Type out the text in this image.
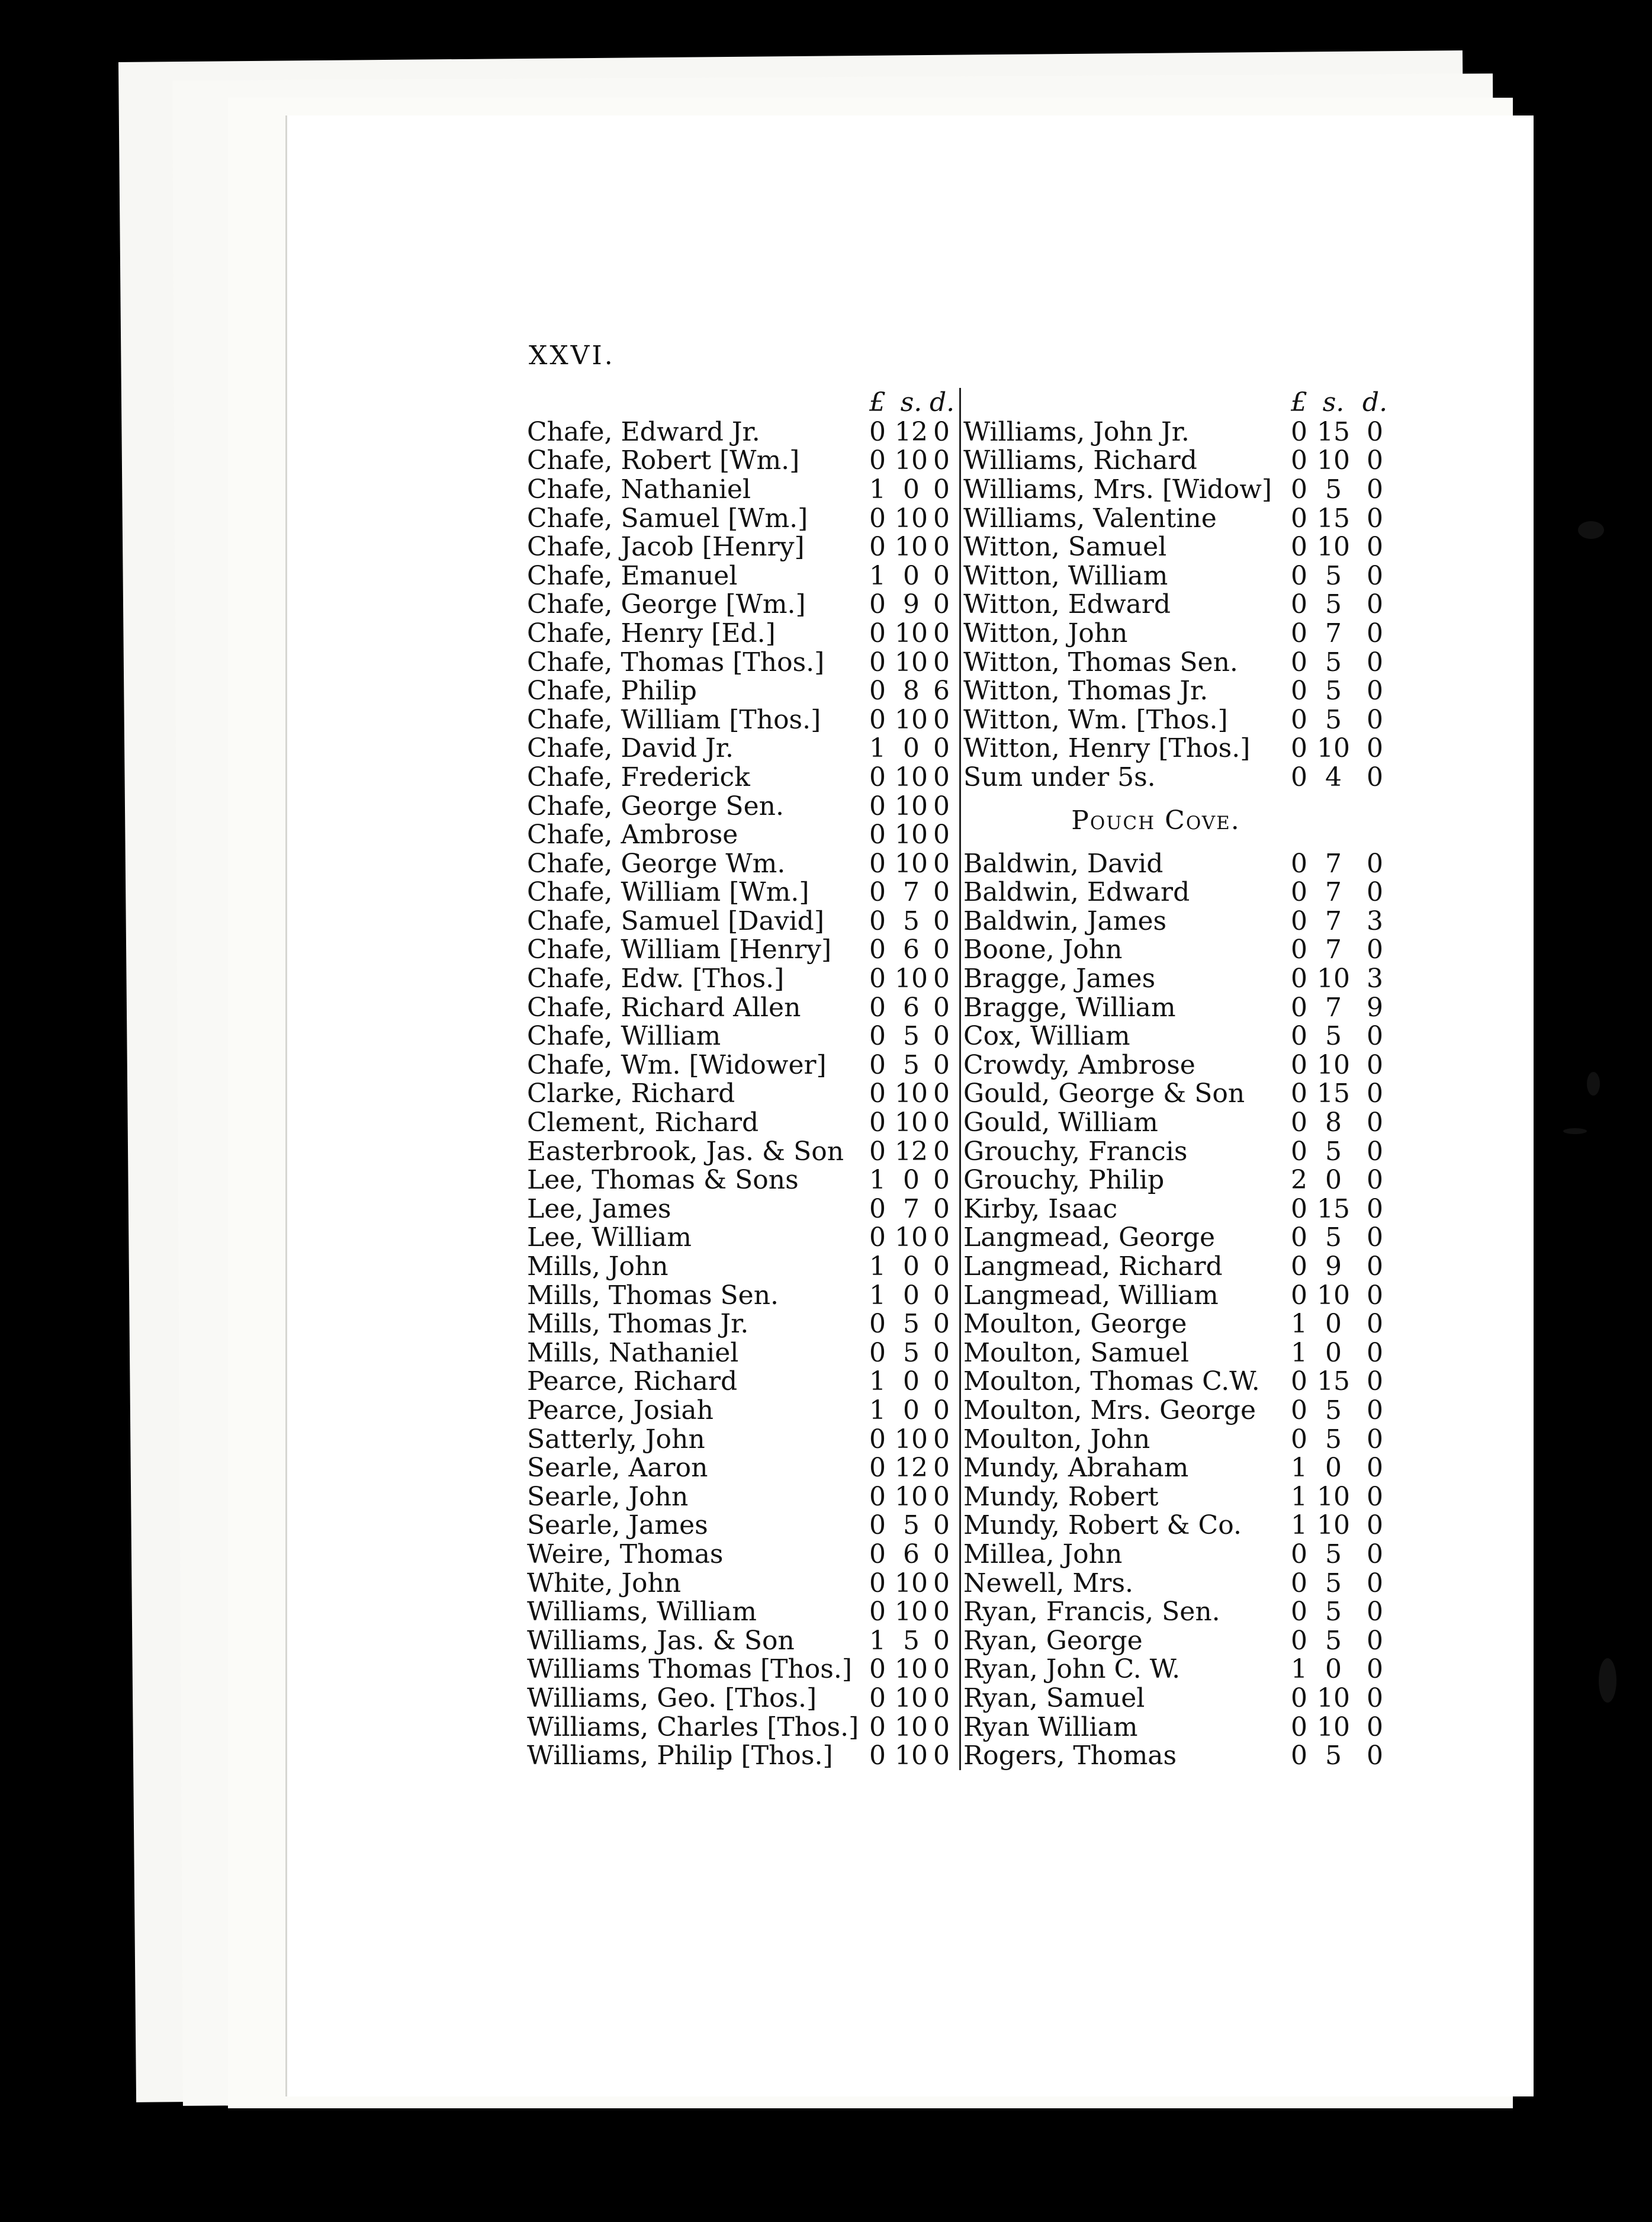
XXVI.
£ s. d.
Chafe, Edward Jr.	0 12 0
Chafe, Robert [Wm.]	0 10 0
Chafe, Nathaniel	1 0 0
Chafe, Samuel [Wm.]	0 10 0
Chafe, Jacob [Henry]	0 10 0
Chafe, Emanuel	1 0 0
Chafe, George [Wm.]	0 9 0
Chafe, Henry [Ed.]	0 10 0
Chafe, Thomas [Thos.]	0 10 0
Chafe, Philip	0 8 6
Chafe, William [Thos.]	0 10 0
Chafe, David Jr.	1 0 0
Chafe, Frederick	0 10 0
Chafe, George Sen.	0 10 0
Chafe, Ambrose	0 10 0
Chafe, George Wm.	0 10 0
Chafe, William [Wm.]	0 7 0
Chafe, Samuel [David]	0 5 0
Chafe, William [Henry]	0 6 0
Chafe, Edw. [Thos.]	0 10 0
Chafe, Richard Allen	0 6 0
Chafe, William	0 5 0
Chafe, Wm. [Widower]	0 5 0
Clarke, Richard	0 10 0
Clement, Richard	0 10 0
Easterbrook, Jas. & Son 0 12 0
Lee, Thomas & Sons	1 0 0
Lee, James	0 7 0
Lee, William	0 10 0
Mills, John	1 0 0
Mills, Thomas Sen.	1 0 0
Mills, Thomas Jr.	0 5 0
Mills, Nathaniel	0 5 0
Pearce, Richard	1 0 0
Pearce, Josiah	1 0 0
Satterly, John	0 10 0
Searle, Aaron	0 12 0
Searle, John	0 10 0
Searle, James	0 5 0
Weire, Thomas	0 6 0
White, John	0 10 0
Williams, William	0 10 0
Williams, Jas. & Son	1 5 0
Williams Thomas [Thos.] 0 10 0
Williams, Geo. [Thos.]	0 10 0
Williams, Charles [Thos.] 0 10 0
Williams, Philip [Thos.]	0 10 0
£ s. d.
Williams, John Jr.	0 15 0
Williams, Richard	0 10 0
Williams, Mrs. [Widow] 0 5 0
Williams, Valentine	0 15 0
Witton, Samuel	0 10 0
Witton, William	0 5 0
Witton, Edward	0 5 0
Witton, John	0 7 0
Witton, Thomas Sen.	0 5 0
Witton, Thomas Jr.	0 5 0
Witton, Wm. [Thos.]	0 5 0
Witton, Henry [Thos.]	0 10 0
Sum under 5s.	0 4 0
Pouch Cove.
Baldwin, David	0 7 0
Baldwin, Edward	0 7 0
Baldwin, James	0 7 3
Boone, John	0 7 0
Bragge, James	0 10 3
Bragge, William	0 7 9
Cox, William	0 5 0
Crowdy, Ambrose	0 10 0
Gould, George & Son	0 15 0
Gould, William	0 8 0
Grouchy, Francis	0 5 0
Grouchy, Philip	2 0 0
Kirby, Isaac	0 15 0
Langmead, George	0 5 0
Langmead, Richard	0 9 0
Langmead, William	0 10 0
Moulton, George	1 0 0
Moulton, Samuel	1 0 0
Moulton, Thomas C.W.	0 15 0
Moulton, Mrs. George	0 5 0
Moulton, John	0 5 0
Mundy, Abraham	1 0 0
Mundy, Robert	1 10 0
Mundy, Robert & Co.	1 10 0
Millea, John	0 5 0
Newell, Mrs.	0 5 0
Ryan, Francis, Sen.	0 5 0
Ryan, George	0 5 0
Ryan, John C. W.	1 0 0
Ryan, Samuel	0 10 0
Ryan William	0 10 0
Rogers, Thomas	0 5 0
